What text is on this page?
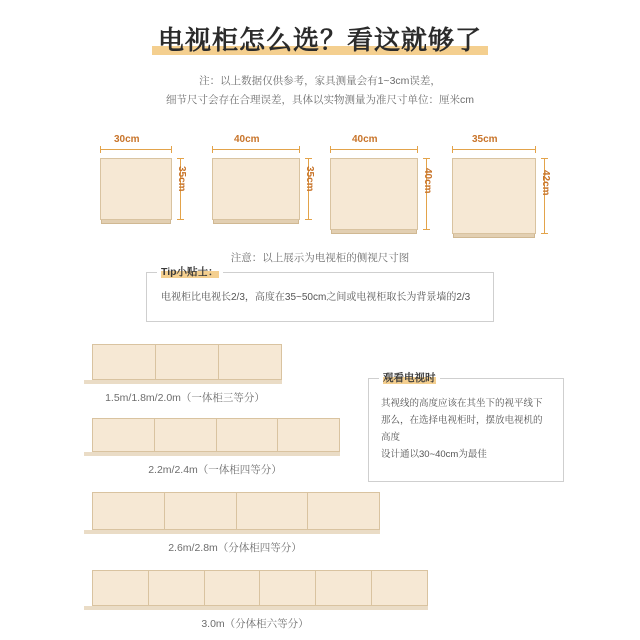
电视柜怎么选？看这就够了
注：以上数据仅供参考，家具测量会有1~3cm误差，
细节尺寸会存在合理误差，具体以实物测量为准尺寸单位：厘米cm
30cm
35cm
40cm
35cm
40cm
40cm
35cm
42cm
注意：以上展示为电视柜的侧视尺寸图
Tip小贴士：
电视柜比电视长2/3，高度在35~50cm之间或电视柜取长为背景墙的2/3
1.5m/1.8m/2.0m（一体柜三等分）
2.2m/2.4m（一体柜四等分）
2.6m/2.8m（分体柜四等分）
3.0m（分体柜六等分）
观看电视时
其视线的高度应该在其坐下的视平线下
那么，在选择电视柜时，摆放电视机的高度
设计通以30~40cm为最佳
